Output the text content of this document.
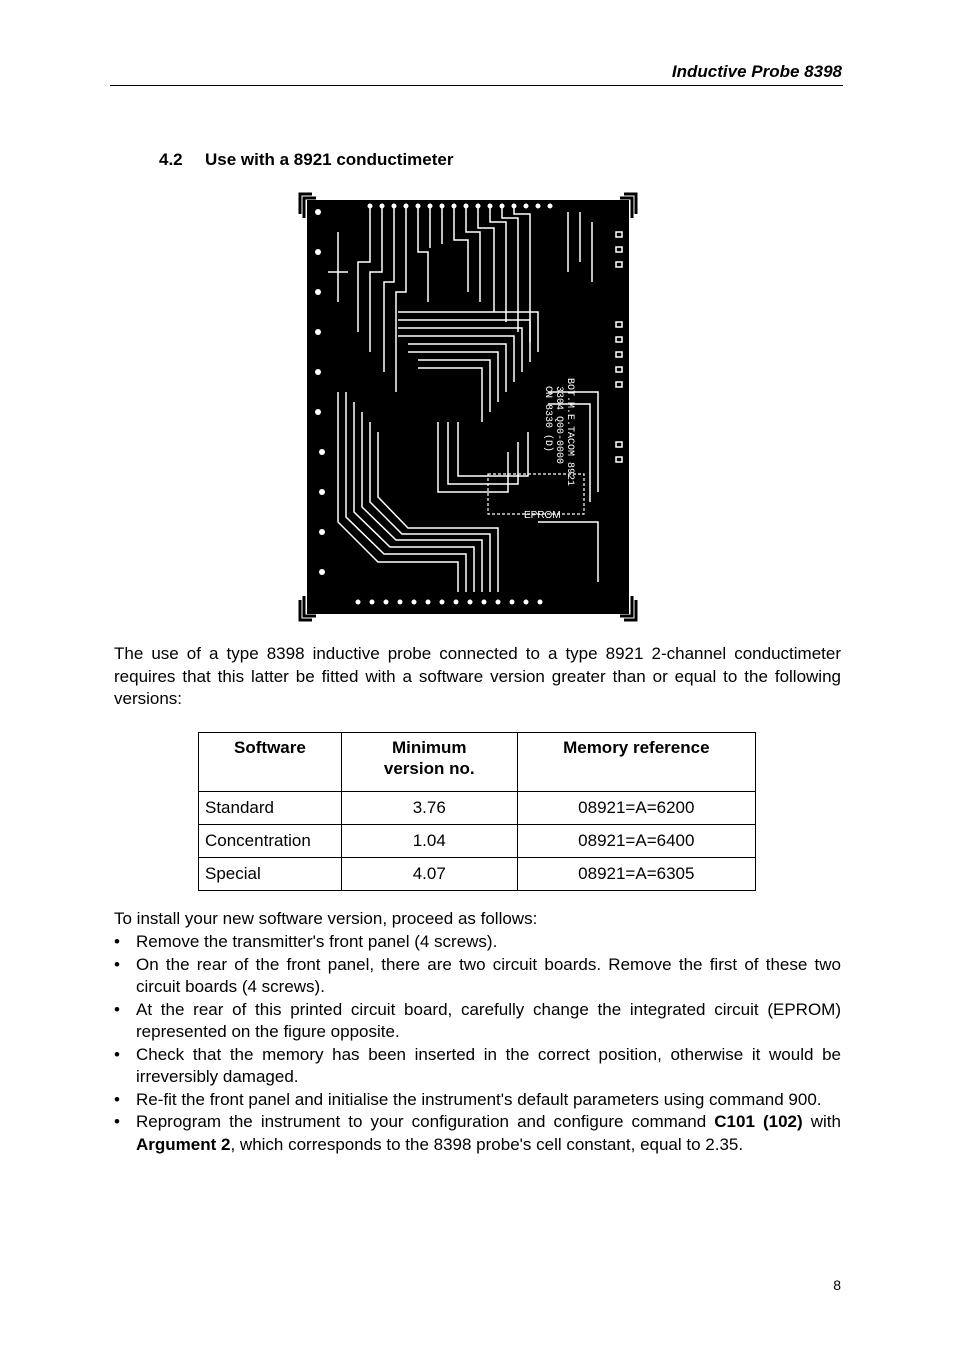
Inductive Probe 8398
4.2 Use with a 8921 conductimeter
EPROM
BOT.M.E.TACOM 8921
3304 Q00-0000
CN 8330 (D)

The use of a type 8398 inductive probe connected to a type 8921 2-channel conductimeter requires that this latter be fitted with a software version greater than or equal to the following versions:

Software	Minimum version no.	Memory reference
Standard	3.76	08921=A=6200
Concentration	1.04	08921=A=6400
Special	4.07	08921=A=6305
To install your new software version, proceed as follows:
• Remove the transmitter's front panel (4 screws).
• On the rear of the front panel, there are two circuit boards. Remove the first of these two circuit boards (4 screws).
• At the rear of this printed circuit board, carefully change the integrated circuit (EPROM) represented on the figure opposite.
• Check that the memory has been inserted in the correct position, otherwise it would be irreversibly damaged.
• Re-fit the front panel and initialise the instrument's default parameters using command 900.
• Reprogram the instrument to your configuration and configure command C101 (102) with Argument 2, which corresponds to the 8398 probe's cell constant, equal to 2.35.
8
